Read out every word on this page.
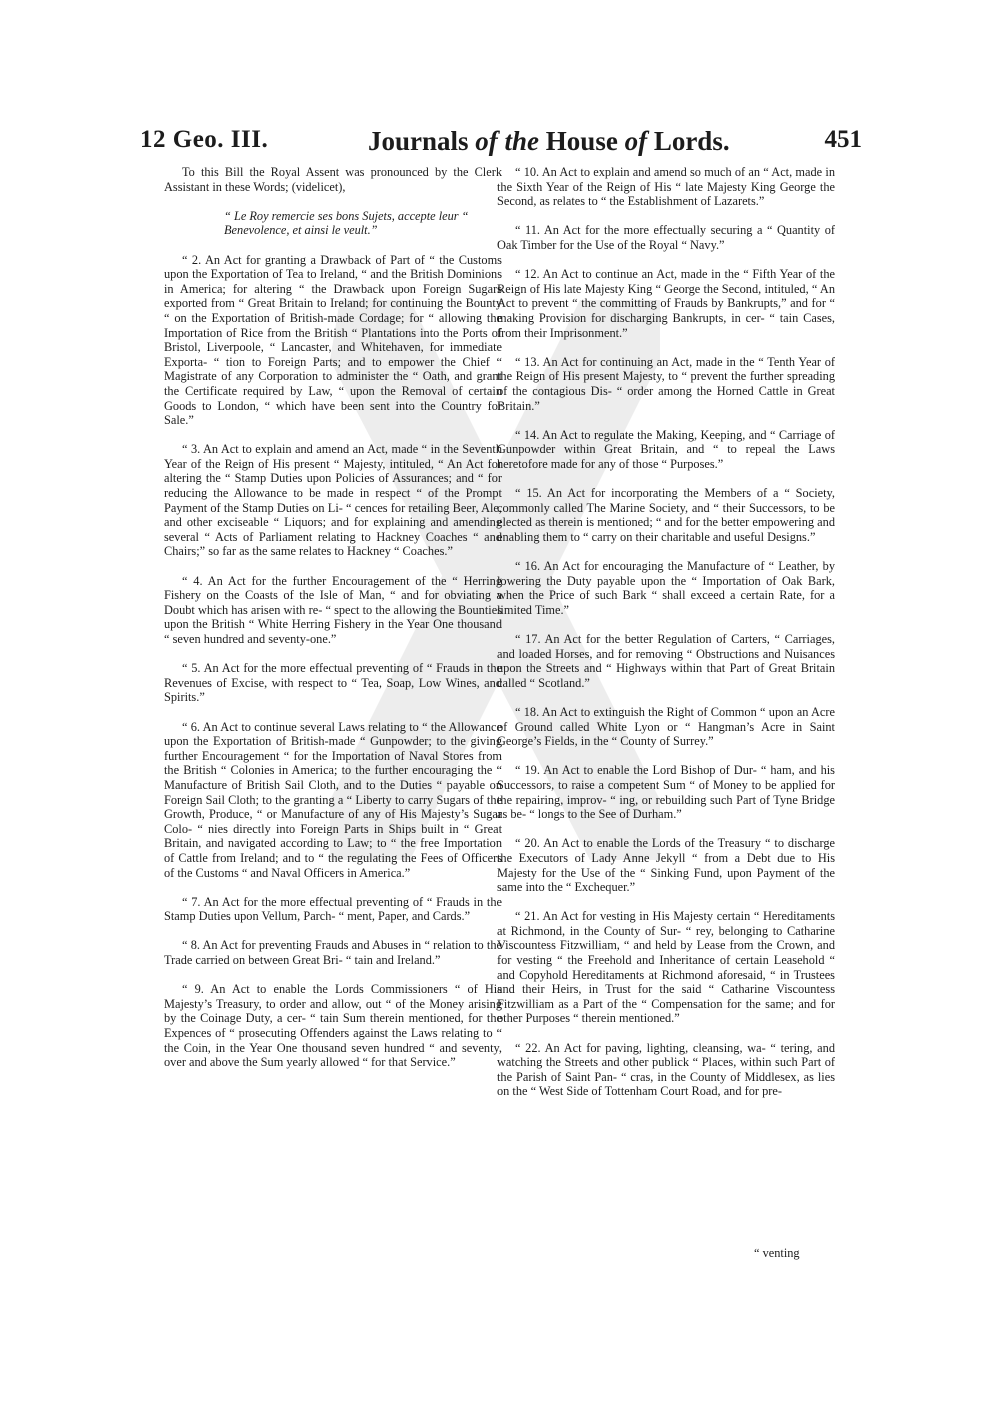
12 Geo. III.	Journals of the House of Lords.	451

To this Bill the Royal Assent was pronounced by the Clerk Assistant in these Words; (videlicet),

“ Le Roy remercie ses bons Sujets, accepte leur “ Benevolence, et ainsi le veult.”

“ 2. An Act for granting a Drawback of Part of “ the Customs upon the Exportation of Tea to Ireland, “ and the British Dominions in America; for altering “ the Drawback upon Foreign Sugars exported from “ Great Britain to Ireland; for continuing the Bounty “ on the Exportation of British-made Cordage; for “ allowing the Importation of Rice from the British “ Plantations into the Ports of Bristol, Liverpoole, “ Lancaster, and Whitehaven, for immediate Exporta- “ tion to Foreign Parts; and to empower the Chief “ Magistrate of any Corporation to administer the “ Oath, and grant the Certificate required by Law, “ upon the Removal of certain Goods to London, “ which have been sent into the Country for Sale.”

“ 3. An Act to explain and amend an Act, made “ in the Seventh Year of the Reign of His present “ Majesty, intituled, “ An Act for altering the “ Stamp Duties upon Policies of Assurances; and “ for reducing the Allowance to be made in respect “ of the Prompt Payment of the Stamp Duties on Li- “ cences for retailing Beer, Ale, and other exciseable “ Liquors; and for explaining and amending several “ Acts of Parliament relating to Hackney Coaches “ and Chairs;” so far as the same relates to Hackney “ Coaches.”

“ 4. An Act for the further Encouragement of the “ Herring Fishery on the Coasts of the Isle of Man, “ and for obviating a Doubt which has arisen with re- “ spect to the allowing the Bounties upon the British “ White Herring Fishery in the Year One thousand “ seven hundred and seventy-one.”

“ 5. An Act for the more effectual preventing of “ Frauds in the Revenues of Excise, with respect to “ Tea, Soap, Low Wines, and Spirits.”

“ 6. An Act to continue several Laws relating to “ the Allowance upon the Exportation of British-made “ Gunpowder; to the giving further Encouragement “ for the Importation of Naval Stores from the British “ Colonies in America; to the further encouraging the “ Manufacture of British Sail Cloth, and to the Duties “ payable on Foreign Sail Cloth; to the granting a “ Liberty to carry Sugars of the Growth, Produce, “ or Manufacture of any of His Majesty’s Sugar Colo- “ nies directly into Foreign Parts in Ships built in “ Great Britain, and navigated according to Law; to “ the free Importation of Cattle from Ireland; and to “ the regulating the Fees of Officers of the Customs “ and Naval Officers in America.”

“ 7. An Act for the more effectual preventing of “ Frauds in the Stamp Duties upon Vellum, Parch- “ ment, Paper, and Cards.”

“ 8. An Act for preventing Frauds and Abuses in “ relation to the Trade carried on between Great Bri- “ tain and Ireland.”

“ 9. An Act to enable the Lords Commissioners “ of His Majesty’s Treasury, to order and allow, out “ of the Money arising by the Coinage Duty, a cer- “ tain Sum therein mentioned, for the Expences of “ prosecuting Offenders against the Laws relating to “ the Coin, in the Year One thousand seven hundred “ and seventy, over and above the Sum yearly allowed “ for that Service.”

“ 10. An Act to explain and amend so much of an “ Act, made in the Sixth Year of the Reign of His “ late Majesty King George the Second, as relates to “ the Establishment of Lazarets.”

“ 11. An Act for the more effectually securing a “ Quantity of Oak Timber for the Use of the Royal “ Navy.”

“ 12. An Act to continue an Act, made in the “ Fifth Year of the Reign of His late Majesty King “ George the Second, intituled, “ An Act to prevent “ the committing of Frauds by Bankrupts,” and for “ making Provision for discharging Bankrupts, in cer- “ tain Cases, from their Imprisonment.”

“ 13. An Act for continuing an Act, made in the “ Tenth Year of the Reign of His present Majesty, to “ prevent the further spreading of the contagious Dis- “ order among the Horned Cattle in Great Britain.”

“ 14. An Act to regulate the Making, Keeping, and “ Carriage of Gunpowder within Great Britain, and “ to repeal the Laws heretofore made for any of those “ Purposes.”

“ 15. An Act for incorporating the Members of a “ Society, commonly called The Marine Society, and “ their Successors, to be elected as therein is mentioned; “ and for the better empowering and enabling them to “ carry on their charitable and useful Designs.”

“ 16. An Act for encouraging the Manufacture of “ Leather, by lowering the Duty payable upon the “ Importation of Oak Bark, when the Price of such Bark “ shall exceed a certain Rate, for a limited Time.”

“ 17. An Act for the better Regulation of Carters, “ Carriages, and loaded Horses, and for removing “ Obstructions and Nuisances upon the Streets and “ Highways within that Part of Great Britain called “ Scotland.”

“ 18. An Act to extinguish the Right of Common “ upon an Acre of Ground called White Lyon or “ Hangman’s Acre in Saint George’s Fields, in the “ County of Surrey.”

“ 19. An Act to enable the Lord Bishop of Dur- “ ham, and his Successors, to raise a competent Sum “ of Money to be applied for the repairing, improv- “ ing, or rebuilding such Part of Tyne Bridge as be- “ longs to the See of Durham.”

“ 20. An Act to enable the Lords of the Treasury “ to discharge the Executors of Lady Anne Jekyll “ from a Debt due to His Majesty for the Use of the “ Sinking Fund, upon Payment of the same into the “ Exchequer.”

“ 21. An Act for vesting in His Majesty certain “ Hereditaments at Richmond, in the County of Sur- “ rey, belonging to Catharine Viscountess Fitzwilliam, “ and held by Lease from the Crown, and for vesting “ the Freehold and Inheritance of certain Leasehold “ and Copyhold Hereditaments at Richmond aforesaid, “ in Trustees and their Heirs, in Trust for the said “ Catharine Viscountess Fitzwilliam as a Part of the “ Compensation for the same; and for other Purposes “ therein mentioned.”

“ 22. An Act for paving, lighting, cleansing, wa- “ tering, and watching the Streets and other publick “ Places, within such Part of the Parish of Saint Pan- “ cras, in the County of Middlesex, as lies on the “ West Side of Tottenham Court Road, and for pre-

“ venting
